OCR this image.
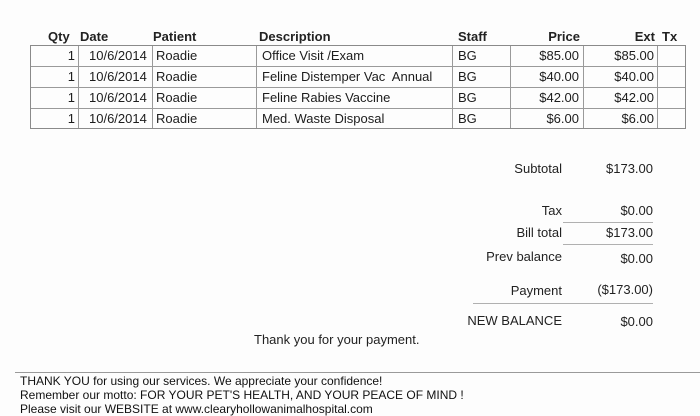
Qty Date	Patient	Description	Staff	Price	Ext Tx
1 10/6/2014 Roadie	Office Visit /Exam	BG	$85.00	$85.00
1 10/6/2014 Roadie	Feline Distemper Vac  Annual BG	$40.00	$40.00
1 10/6/2014 Roadie	Feline Rabies Vaccine	BG	$42.00	$42.00
1 10/6/2014 Roadie	Med. Waste Disposal	BG	$6.00	$6.00
Subtotal	$173.00
Tax	$0.00
Bill total	$173.00
Prev balance	$0.00
Payment	($173.00)
NEW BALANCE	$0.00
Thank you for your payment.
THANK YOU for using our services. We appreciate your confidence!
Remember our motto: FOR YOUR PET'S HEALTH, AND YOUR PEACE OF MIND !
Please visit our WEBSITE at www.clearyhollowanimalhospital.com
